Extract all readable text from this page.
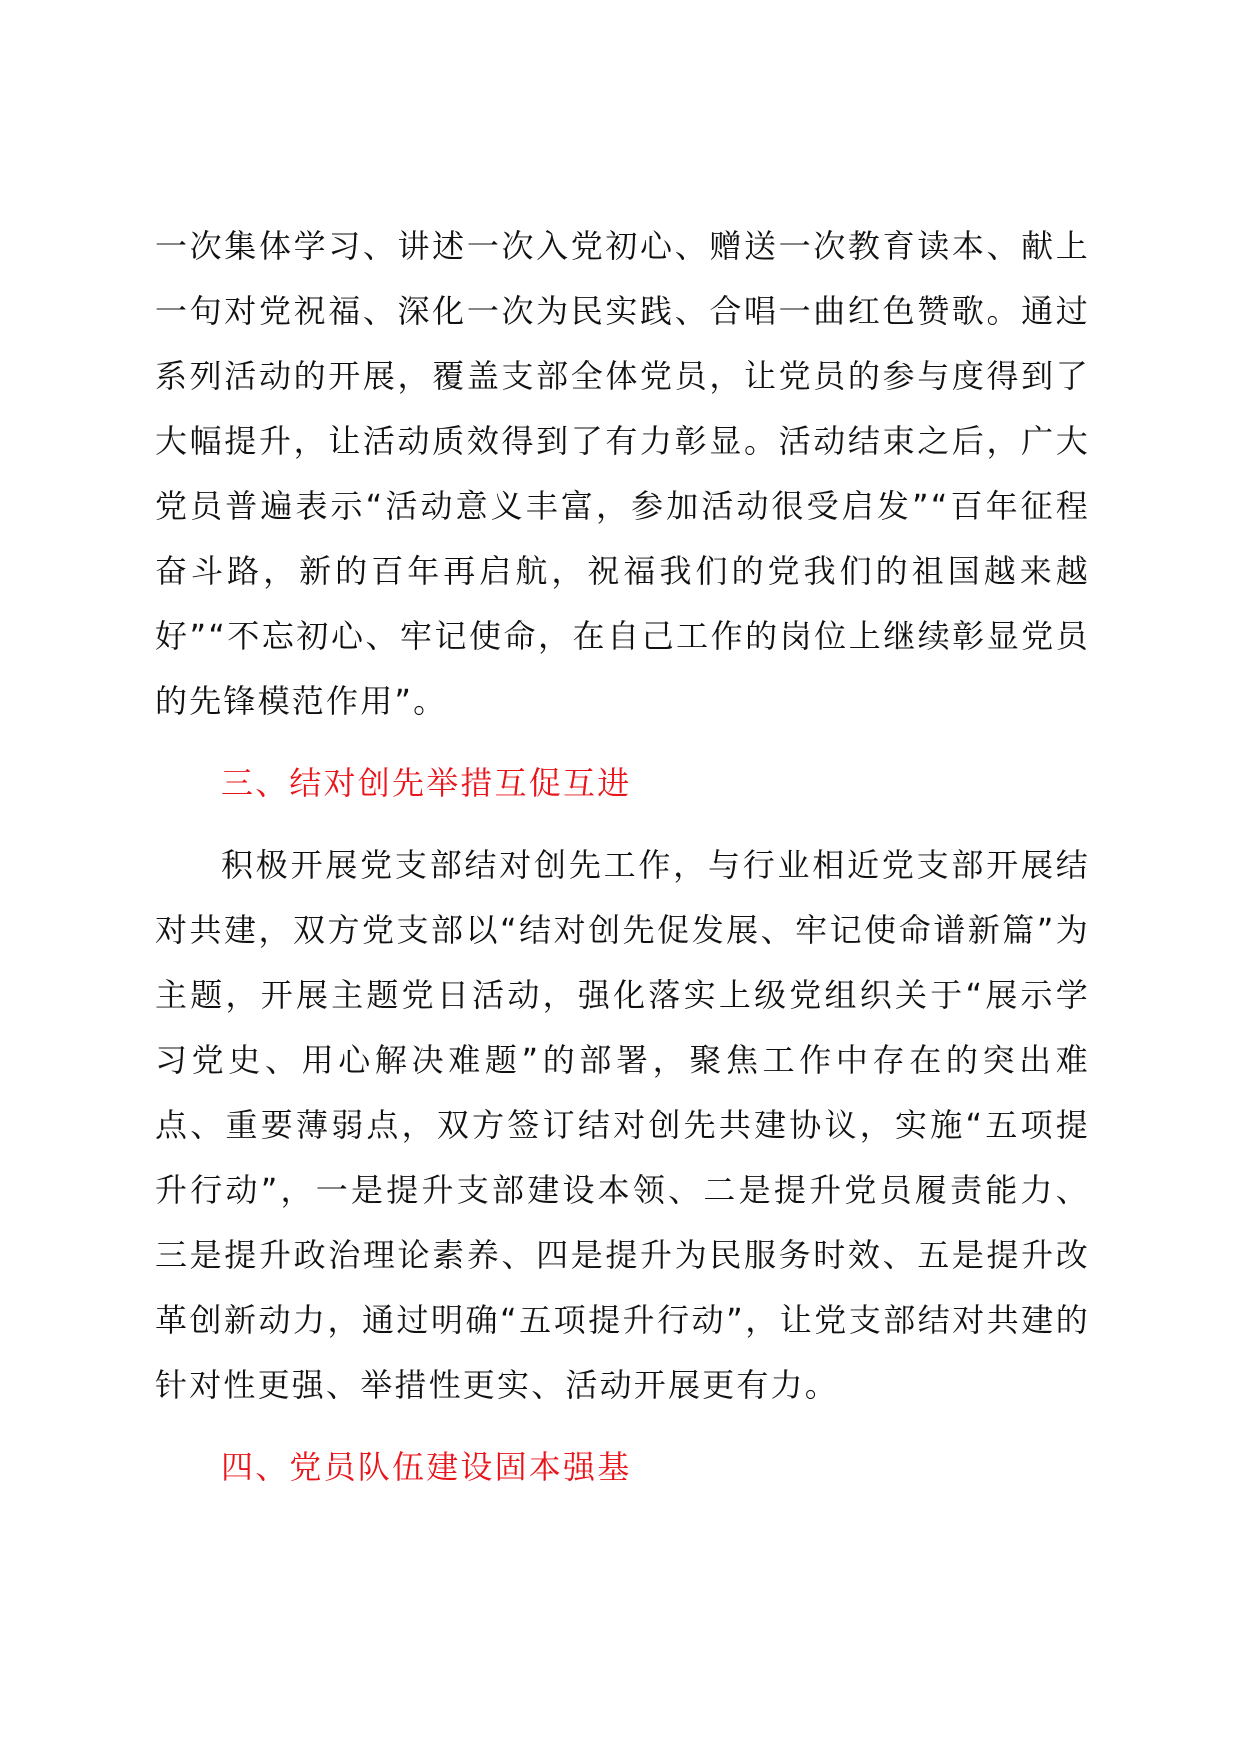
一次集体学习、讲述一次入党初心、赠送一次教育读本、献上一句对党祝福、深化一次为民实践、合唱一曲红色赞歌。通过系列活动的开展，覆盖支部全体党员，让党员的参与度得到了大幅提升，让活动质效得到了有力彰显。活动结束之后，广大党员普遍表示“活动意义丰富，参加活动很受启发”“百年征程奋斗路，新的百年再启航，祝福我们的党我们的祖国越来越好”“不忘初心、牢记使命，在自己工作的岗位上继续彰显党员的先锋模范作用”。

三、结对创先举措互促互进

积极开展党支部结对创先工作，与行业相近党支部开展结对共建，双方党支部以“结对创先促发展、牢记使命谱新篇”为主题，开展主题党日活动，强化落实上级党组织关于“展示学习党史、用心解决难题”的部署，聚焦工作中存在的突出难点、重要薄弱点，双方签订结对创先共建协议，实施“五项提升行动”，一是提升支部建设本领、二是提升党员履责能力、三是提升政治理论素养、四是提升为民服务时效、五是提升改革创新动力，通过明确“五项提升行动”，让党支部结对共建的针对性更强、举措性更实、活动开展更有力。

四、党员队伍建设固本强基
